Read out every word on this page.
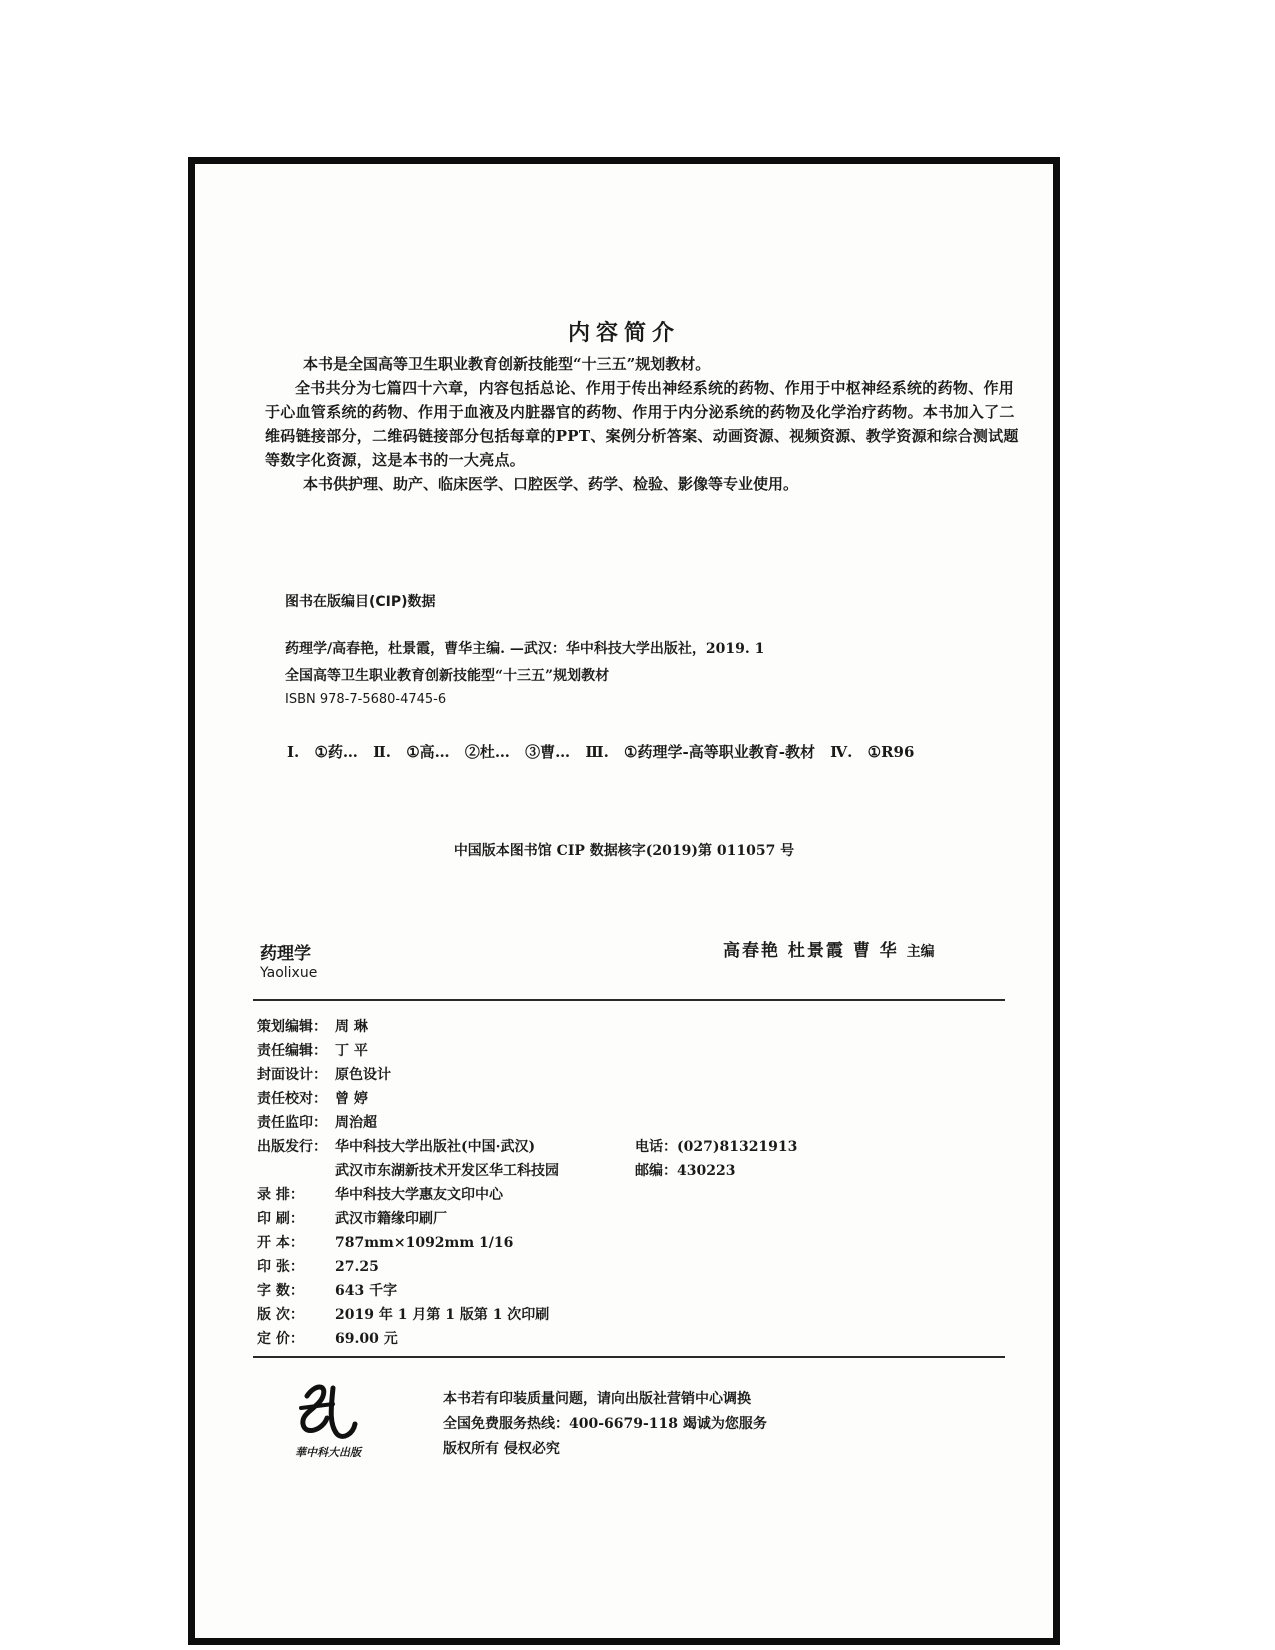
内容简介
本书是全国高等卫生职业教育创新技能型“十三五”规划教材。
全书共分为七篇四十六章，内容包括总论、作用于传出神经系统的药物、作用于中枢神经系统的药物、作用于心血管系统的药物、作用于血液及内脏器官的药物、作用于内分泌系统的药物及化学治疗药物。本书加入了二维码链接部分，二维码链接部分包括每章的PPT、案例分析答案、动画资源、视频资源、教学资源和综合测试题等数字化资源，这是本书的一大亮点。
本书供护理、助产、临床医学、口腔医学、药学、检验、影像等专业使用。
图书在版编目(CIP)数据
药理学/高春艳，杜景霞，曹华主编. —武汉：华中科技大学出版社，2019. 1
全国高等卫生职业教育创新技能型“十三五”规划教材
ISBN 978-7-5680-4745-6
Ⅰ. ①药… Ⅱ. ①高… ②杜… ③曹… Ⅲ. ①药理学-高等职业教育-教材 Ⅳ. ①R96
中国版本图书馆 CIP 数据核字(2019)第 011057 号
药理学
Yaolixue
高春艳 杜景霞 曹 华 主编
策划编辑： 周 琳
责任编辑： 丁 平
封面设计： 原色设计
责任校对： 曾 婷
责任监印： 周治超
出版发行： 华中科技大学出版社(中国·武汉)
武汉市东湖新技术开发区华工科技园
录 排： 华中科技大学惠友文印中心
印 刷： 武汉市籍缘印刷厂
开 本： 787mm×1092mm 1/16
印 张： 27.25
字 数： 643 千字
版 次： 2019 年 1 月第 1 版第 1 次印刷
定 价： 69.00 元
电话：(027)81321913
邮编：430223
華中科大出版
本书若有印装质量问题，请向出版社营销中心调换
全国免费服务热线：400-6679-118 竭诚为您服务
版权所有 侵权必究
